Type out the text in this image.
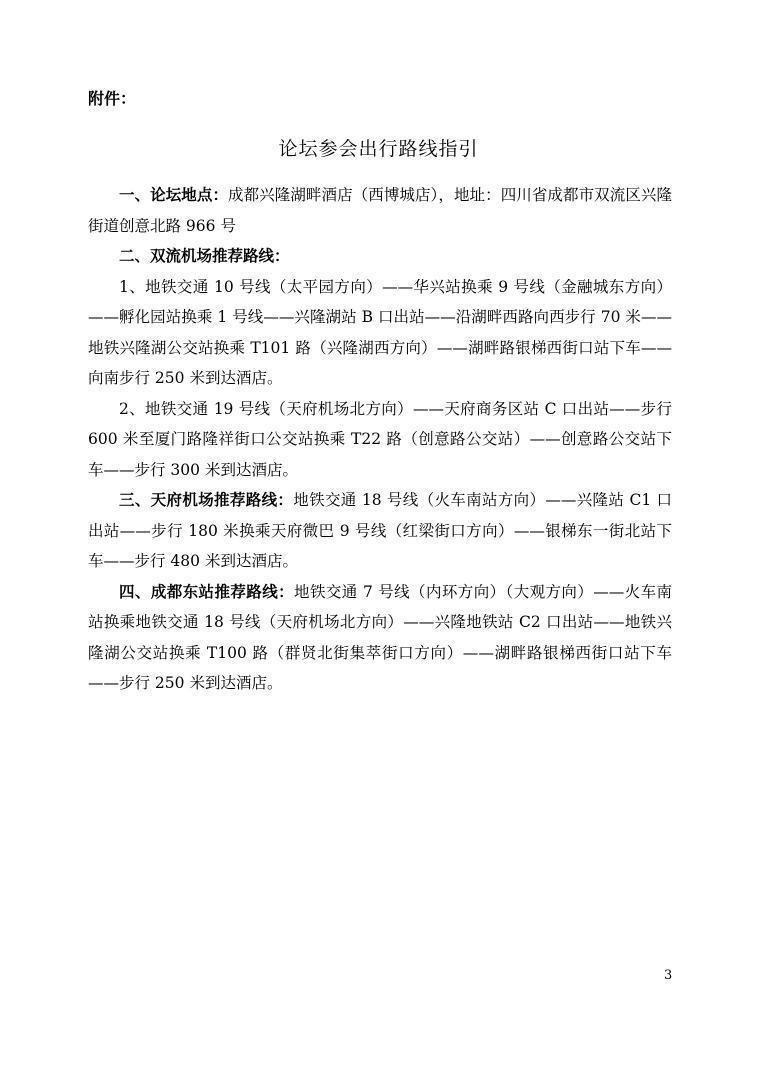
附件：
论坛参会出行路线指引

一、论坛地点：成都兴隆湖畔酒店（西博城店），地址：四川省成都市双流区兴隆街道创意北路 966 号

二、双流机场推荐路线：

1、地铁交通 10 号线（太平园方向）——华兴站换乘 9 号线（金融城东方向）——孵化园站换乘 1 号线——兴隆湖站 B 口出站——沿湖畔西路向西步行 70 米——地铁兴隆湖公交站换乘 T101 路（兴隆湖西方向）——湖畔路银梯西街口站下车——向南步行 250 米到达酒店。

2、地铁交通 19 号线（天府机场北方向）——天府商务区站 C 口出站——步行 600 米至厦门路隆祥街口公交站换乘 T22 路（创意路公交站）——创意路公交站下车——步行 300 米到达酒店。

三、天府机场推荐路线：地铁交通 18 号线（火车南站方向）——兴隆站 C1 口出站——步行 180 米换乘天府微巴 9 号线（红梁街口方向）——银梯东一街北站下车——步行 480 米到达酒店。

四、成都东站推荐路线：地铁交通 7 号线（内环方向）（大观方向）——火车南站换乘地铁交通 18 号线（天府机场北方向）——兴隆地铁站 C2 口出站——地铁兴隆湖公交站换乘 T100 路（群贤北街集萃街口方向）——湖畔路银梯西街口站下车——步行 250 米到达酒店。

3
